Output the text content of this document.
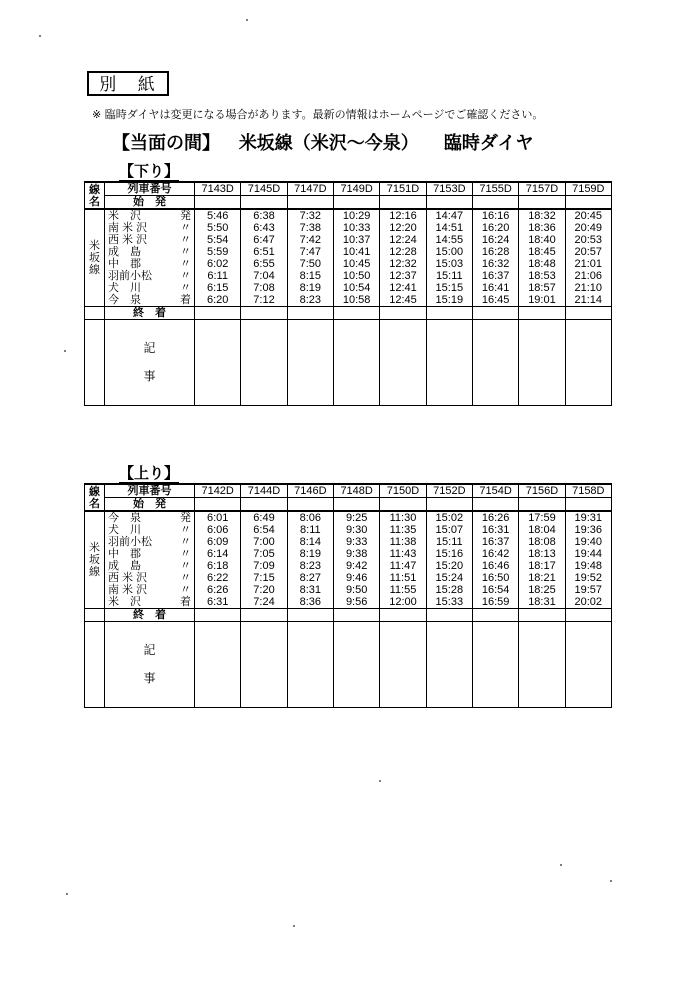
別 紙
※ 臨時ダイヤは変更になる場合があります。最新の情報はホームページでご確認ください。
【当面の間】 米坂線（米沢～今泉） 臨時ダイヤ
【下り】
線名	列車番号	7143D	7145D	7147D	7149D	7151D	7153D	7155D	7157D	7159D
	始　発									
米坂線	米　沢 発	5:46	6:38	7:32	10:29	12:16	14:47	16:16	18:32	20:45

	南 米 沢 〃	5:50	6:43	7:38	10:33	12:20	14:51	16:20	18:36	20:49

	西 米 沢 〃	5:54	6:47	7:42	10:37	12:24	14:55	16:24	18:40	20:53

	成　島 〃	5:59	6:51	7:47	10:41	12:28	15:00	16:28	18:45	20:57

	中　郡 〃	6:02	6:55	7:50	10:45	12:32	15:03	16:32	18:48	21:01

	羽前小松 〃	6:11	7:04	8:15	10:50	12:37	15:11	16:37	18:53	21:06

	犬　川 〃	6:15	7:08	8:19	10:54	12:41	15:15	16:41	18:57	21:10

	今　泉 着	6:20	7:12	8:23	10:58	12:45	15:19	16:45	19:01	21:14
	終　着									

	記　事									

【上り】
線名	列車番号	7142D	7144D	7146D	7148D	7150D	7152D	7154D	7156D	7158D
	始　発									
米坂線	今　泉 発	6:01	6:49	8:06	9:25	11:30	15:02	16:26	17:59	19:31

	犬　川 〃	6:06	6:54	8:11	9:30	11:35	15:07	16:31	18:04	19:36

	羽前小松 〃	6:09	7:00	8:14	9:33	11:38	15:11	16:37	18:08	19:40

	中　郡 〃	6:14	7:05	8:19	9:38	11:43	15:16	16:42	18:13	19:44

	成　島 〃	6:18	7:09	8:23	9:42	11:47	15:20	16:46	18:17	19:48

	西 米 沢 〃	6:22	7:15	8:27	9:46	11:51	15:24	16:50	18:21	19:52

	南 米 沢 〃	6:26	7:20	8:31	9:50	11:55	15:28	16:54	18:25	19:57

	米　沢 着	6:31	7:24	8:36	9:56	12:00	15:33	16:59	18:31	20:02
	終　着									

	記　事									
